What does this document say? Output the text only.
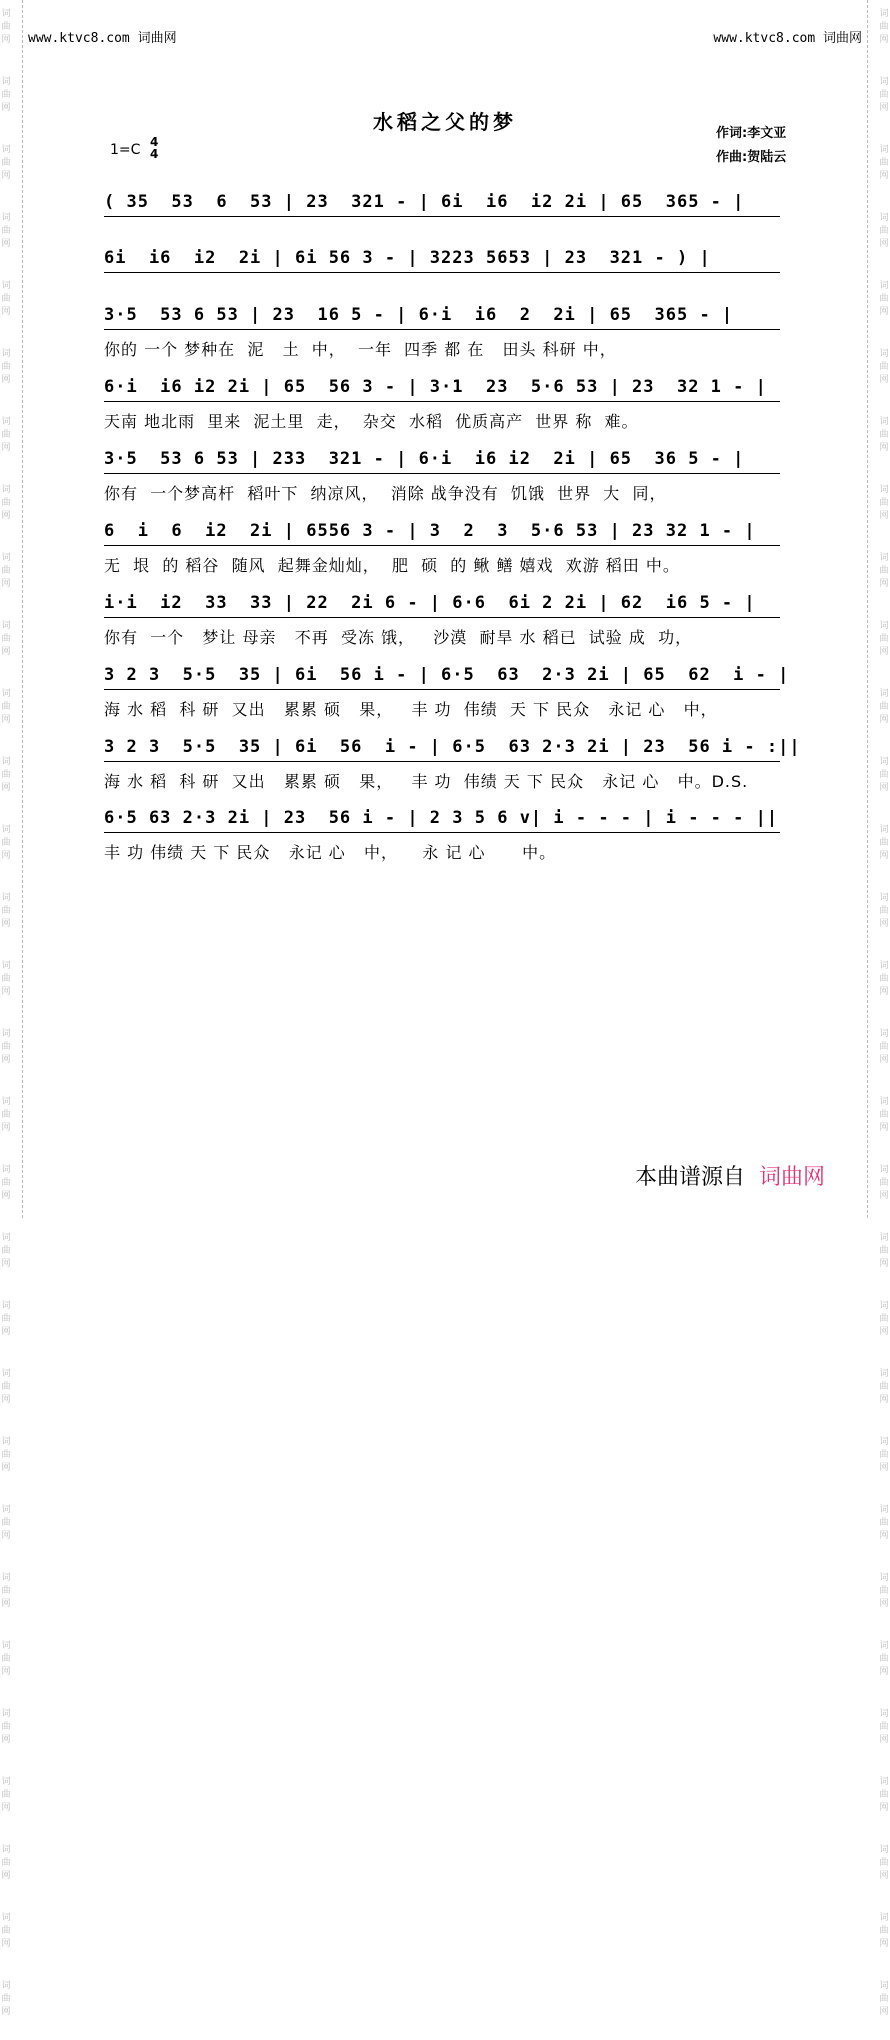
www.ktvc8.com 词曲网	www.ktvc8.com 词曲网
水稻之父的梦
1=C 4
4
作词:李文亚
作曲:贺陆云
( 35  53  6  53 | 23  321 - | 6i  i6  i2 2i | 65  365 - |
6i  i6  i2  2i | 6i 56 3 - | 3223 5653 | 23  321 - ) |
3·5  53 6 53 | 23  16 5 - | 6·i  i6  2  2i | 65  365 - |
你的 一个 梦种在  泥   土  中，  一年  四季 都 在   田头 科研 中，
6·i  i6 i2 2i | 65  56 3 - | 3·1  23  5·6 53 | 23  32 1 - |
天南 地北雨  里来  泥土里  走，  杂交  水稻  优质高产  世界 称  难。
3·5  53 6 53 | 233  321 - | 6·i  i6 i2  2i | 65  36 5 - |
你有  一个梦高杆  稻叶下  纳凉风，  消除 战争没有  饥饿  世界  大  同，
6  i  6  i2  2i | 6556 3 - | 3  2  3  5·6 53 | 23 32 1 - |
无  垠  的 稻谷  随风  起舞金灿灿，  肥  硕  的 鳅 鳝 嬉戏  欢游 稻田 中。
i·i  i2  33  33 | 22  2i 6 - | 6·6  6i 2 2i | 62  i6 5 - |
你有  一个   梦让 母亲   不再  受冻 饿，   沙漠  耐旱 水 稻已  试验 成  功，
3 2 3  5·5  35 | 6i  56 i - | 6·5  63  2·3 2i | 65  62  i - |
海 水 稻  科 研  又出   累累 硕   果，   丰 功  伟绩  天 下 民众   永记 心   中，
3 2 3  5·5  35 | 6i  56  i - | 6·5  63 2·3 2i | 23  56 i - :||
海 水 稻  科 研  又出   累累 硕   果，   丰 功  伟绩 天 下 民众   永记 心   中。D.S.
6·5 63 2·3 2i | 23  56 i - | 2 3 5 6 v| i - - - | i - - - ||
丰 功 伟绩 天 下 民众   永记 心   中，    永 记 心      中。
本曲谱源自 词曲网
词
曲
网
词
曲
网
词
曲
网
词
曲
网
词
曲
网
词
曲
网
词
曲
网
词
曲
网
词
曲
网
词
曲
网
词
曲
网
词
曲
网
词
曲
网
词
曲
网
词
曲
网
词
曲
网
词
曲
网
词
曲
网
词
曲
网
词
曲
网
词
曲
网
词
曲
网
词
曲
网
词
曲
网
词
曲
网
词
曲
网
词
曲
网
词
曲
网
词
曲
网
词
曲
网
词
曲
网
词
曲
网
词
曲
网
词
曲
网
词
曲
网
词
曲
网
词
曲
网
词
曲
网
词
曲
网
词
曲
网
词
曲
网
词
曲
网
词
曲
网
词
曲
网
词
曲
网
词
曲
网
词
曲
网
词
曲
网
词
曲
网
词
曲
网
词
曲
网
词
曲
网
词
曲
网
词
曲
网
词
曲
网
词
曲
网
词
曲
网
词
曲
网
词
曲
网
词
曲
网
